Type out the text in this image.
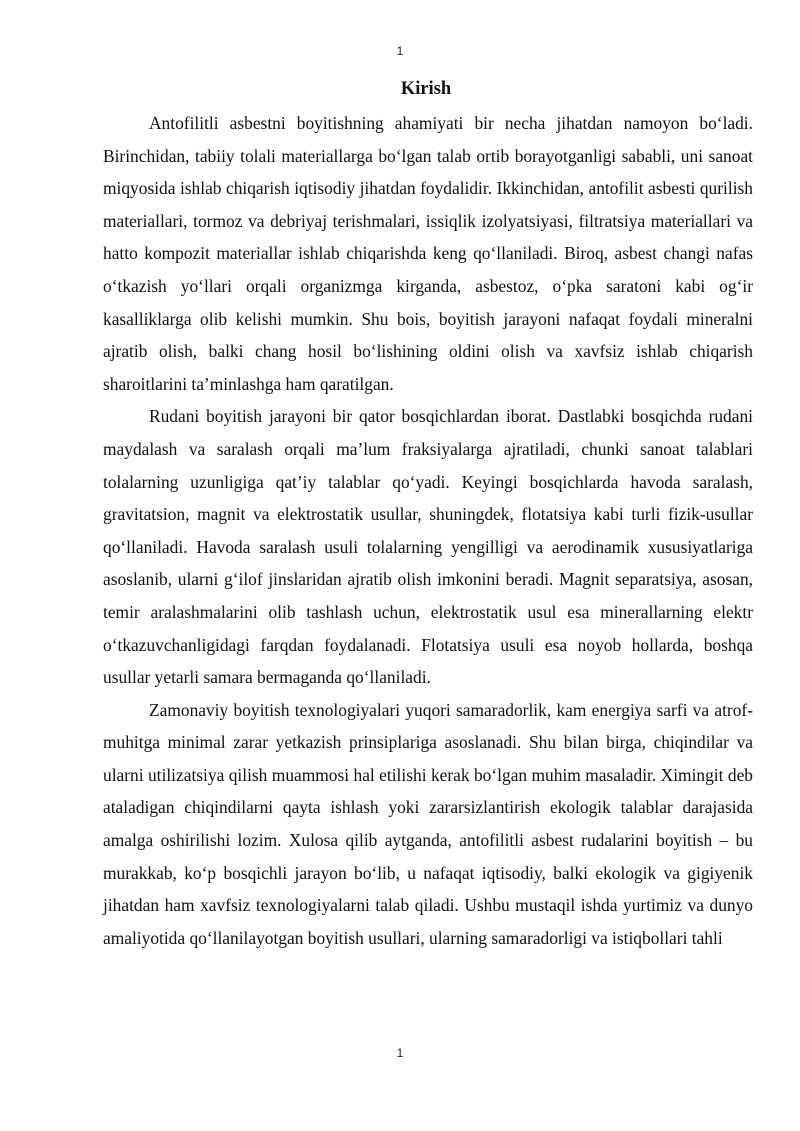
1
Kirish

Antofilitli asbestni boyitishning ahamiyati bir necha jihatdan namoyon bo‘ladi. Birinchidan, tabiiy tolali materiallarga bo‘lgan talab ortib borayotganligi sababli, uni sanoat miqyosida ishlab chiqarish iqtisodiy jihatdan foydalidir. Ikkinchidan, antofilit asbesti qurilish materiallari, tormoz va debriyaj terishmalari, issiqlik izolyatsiyasi, filtratsiya materiallari va hatto kompozit materiallar ishlab chiqarishda keng qo‘llaniladi. Biroq, asbest changi nafas o‘tkazish yo‘llari orqali organizmga kirganda, asbestoz, o‘pka saratoni kabi og‘ir kasalliklarga olib kelishi mumkin. Shu bois, boyitish jarayoni nafaqat foydali mineralni ajratib olish, balki chang hosil bo‘lishining oldini olish va xavfsiz ishlab chiqarish sharoitlarini ta’minlashga ham qaratilgan.

Rudani boyitish jarayoni bir qator bosqichlardan iborat. Dastlabki bosqichda rudani maydalash va saralash orqali ma’lum fraksiyalarga ajratiladi, chunki sanoat talablari tolalarning uzunligiga qat’iy talablar qo‘yadi. Keyingi bosqichlarda havoda saralash, gravitatsion, magnit va elektrostatik usullar, shuningdek, flotatsiya kabi turli fizik-usullar qo‘llaniladi. Havoda saralash usuli tolalarning yengilligi va aerodinamik xususiyatlariga asoslanib, ularni g‘ilof jinslaridan ajratib olish imkonini beradi. Magnit separatsiya, asosan, temir aralashmalarini olib tashlash uchun, elektrostatik usul esa minerallarning elektr o‘tkazuvchanligidagi farqdan foydalanadi. Flotatsiya usuli esa noyob hollarda, boshqa usullar yetarli samara bermaganda qo‘llaniladi.

Zamonaviy boyitish texnologiyalari yuqori samaradorlik, kam energiya sarfi va atrof-muhitga minimal zarar yetkazish prinsiplariga asoslanadi. Shu bilan birga, chiqindilar va ularni utilizatsiya qilish muammosi hal etilishi kerak bo‘lgan muhim masaladir. Ximingit deb ataladigan chiqindilarni qayta ishlash yoki zararsizlantirish ekologik talablar darajasida amalga oshirilishi lozim. Xulosa qilib aytganda, antofilitli asbest rudalarini boyitish – bu murakkab, ko‘p bosqichli jarayon bo‘lib, u nafaqat iqtisodiy, balki ekologik va gigiyenik jihatdan ham xavfsiz texnologiyalarni talab qiladi. Ushbu mustaqil ishda yurtimiz va dunyo amaliyotida qo‘llanilayotgan boyitish usullari, ularning samaradorligi va istiqbollari tahli

1
